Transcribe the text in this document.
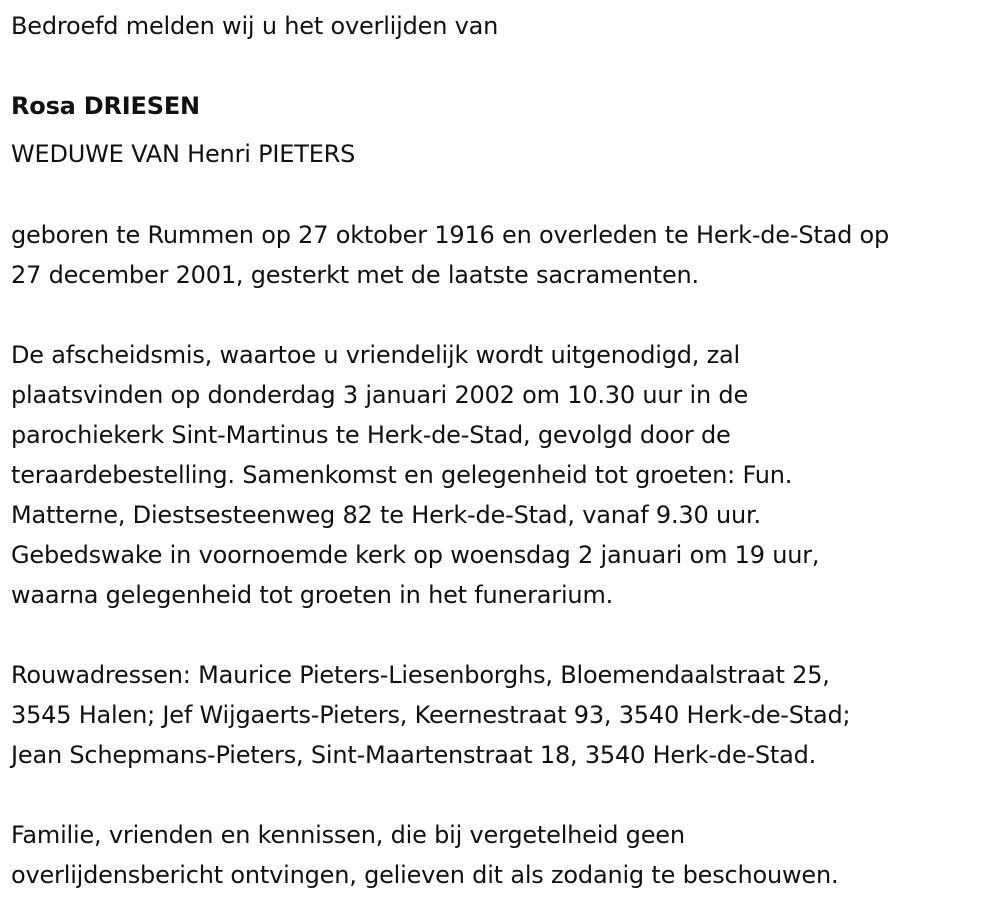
Bedroefd melden wij u het overlijden van
Rosa DRIESEN
WEDUWE VAN Henri PIETERS
geboren te Rummen op 27 oktober 1916 en overleden te Herk-de-Stad op
27 december 2001, gesterkt met de laatste sacramenten.
De afscheidsmis, waartoe u vriendelijk wordt uitgenodigd, zal
plaatsvinden op donderdag 3 januari 2002 om 10.30 uur in de
parochiekerk Sint-Martinus te Herk-de-Stad, gevolgd door de
teraardebestelling. Samenkomst en gelegenheid tot groeten: Fun.
Matterne, Diestsesteenweg 82 te Herk-de-Stad, vanaf 9.30 uur.
Gebedswake in voornoemde kerk op woensdag 2 januari om 19 uur,
waarna gelegenheid tot groeten in het funerarium.
Rouwadressen: Maurice Pieters-Liesenborghs, Bloemendaalstraat 25,
3545 Halen; Jef Wijgaerts-Pieters, Keernestraat 93, 3540 Herk-de-Stad;
Jean Schepmans-Pieters, Sint-Maartenstraat 18, 3540 Herk-de-Stad.
Familie, vrienden en kennissen, die bij vergetelheid geen
overlijdensbericht ontvingen, gelieven dit als zodanig te beschouwen.
